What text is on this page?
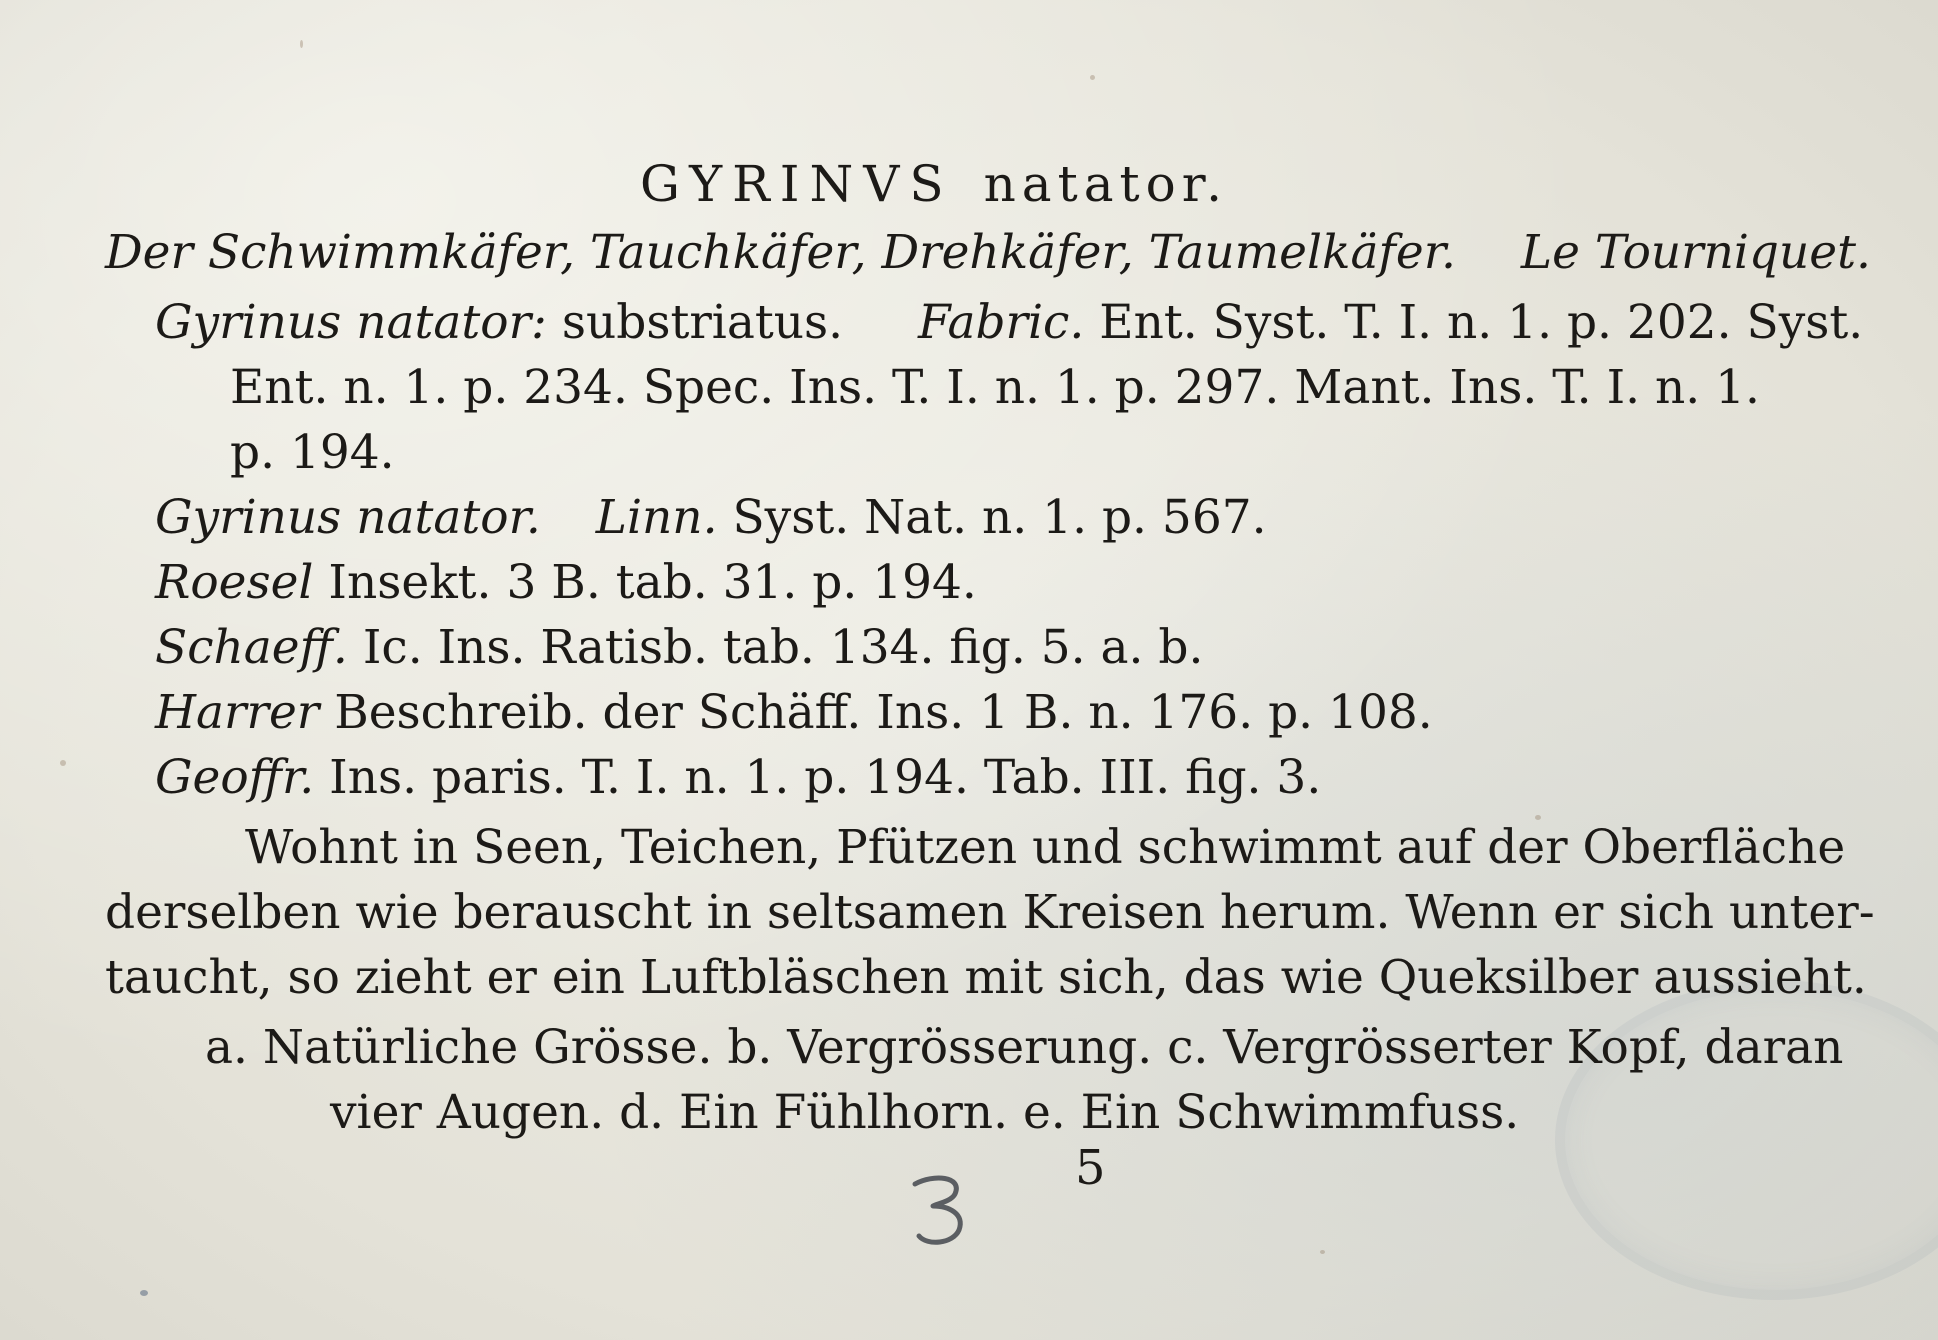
GYRINVS natator.
Der Schwimmkäfer, Tauchkäfer, Drehkäfer, Taumelkäfer. Le Tourniquet.
Gyrinus natator: substriatus. Fabric. Ent. Syst. T. I. n. 1. p. 202. Syst.
Ent. n. 1. p. 234. Spec. Ins. T. I. n. 1. p. 297. Mant. Ins. T. I. n. 1.
p. 194.
Gyrinus natator. Linn. Syst. Nat. n. 1. p. 567.
Roesel Insekt. 3 B. tab. 31. p. 194.
Schaeff. Ic. Ins. Ratisb. tab. 134. fig. 5. a. b.
Harrer Beschreib. der Schäff. Ins. 1 B. n. 176. p. 108.
Geoffr. Ins. paris. T. I. n. 1. p. 194. Tab. III. fig. 3.
Wohnt in Seen, Teichen, Pfützen und schwimmt auf der Oberfläche
derselben wie berauscht in seltsamen Kreisen herum. Wenn er sich unter-
taucht, so zieht er ein Luftbläschen mit sich, das wie Queksilber aussieht.
a. Natürliche Grösse. b. Vergrösserung. c. Vergrösserter Kopf, daran
vier Augen. d. Ein Fühlhorn. e. Ein Schwimmfuss.
5
